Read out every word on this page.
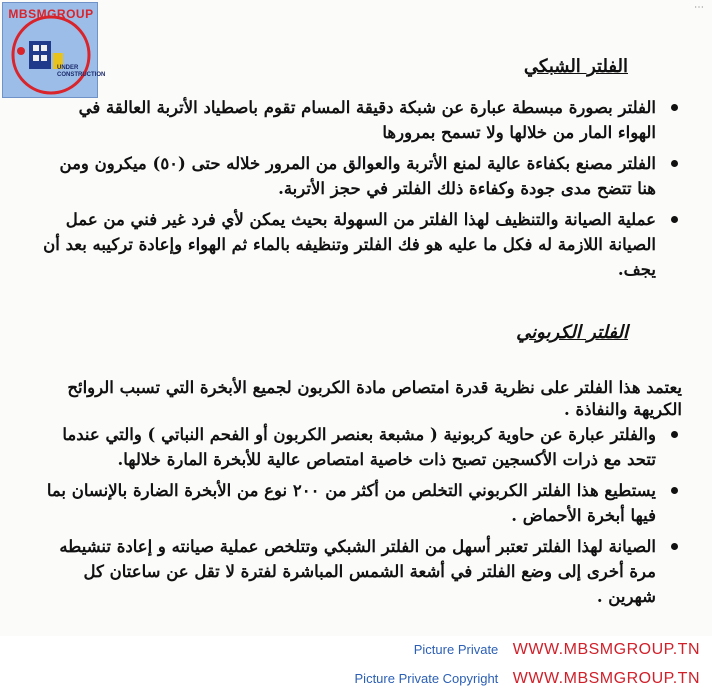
MBSMGROUP
UNDER CONSTRUCTION
⋯
الفلتر الشبكي
الفلتر بصورة مبسطة عبارة عن شبكة دقيقة المسام تقوم باصطياد الأتربة العالقة في الهواء المار من خلالها ولا تسمح بمرورها
الفلتر مصنع بكفاءة عالية لمنع الأتربة والعوالق من المرور خلاله حتى (٥٠) ميكرون ومن هنا تتضح مدى جودة وكفاءة ذلك الفلتر في حجز الأتربة.
عملية الصيانة والتنظيف لهذا الفلتر من السهولة بحيث يمكن لأي فرد غير فني من عمل الصيانة اللازمة له فكل ما عليه هو فك الفلتر وتنظيفه بالماء ثم الهواء وإعادة تركيبه بعد أن يجف.
الفلتر الكربوني
يعتمد هذا الفلتر على نظرية قدرة امتصاص مادة الكربون لجميع الأبخرة التي تسبب الروائح الكريهة والنفاذة .
والفلتر عبارة عن حاوية كربونية ( مشبعة بعنصر الكربون أو الفحم النباتي ) والتي عندما تتحد مع ذرات الأكسجين تصبح ذات خاصية امتصاص عالية للأبخرة المارة خلالها.
يستطيع هذا الفلتر الكربوني التخلص من أكثر من ٢٠٠ نوع من الأبخرة الضارة بالإنسان بما فيها أبخرة الأحماض .
الصيانة لهذا الفلتر تعتبر أسهل من الفلتر الشبكي وتتلخص عملية صيانته و إعادة تنشيطه مرة أخرى إلى وضع الفلتر في أشعة الشمس المباشرة لفترة لا تقل عن ساعتان كل شهرين .
Picture Private WWW.MBSMGROUP.TN
Picture Private Copyright WWW.MBSMGROUP.TN
